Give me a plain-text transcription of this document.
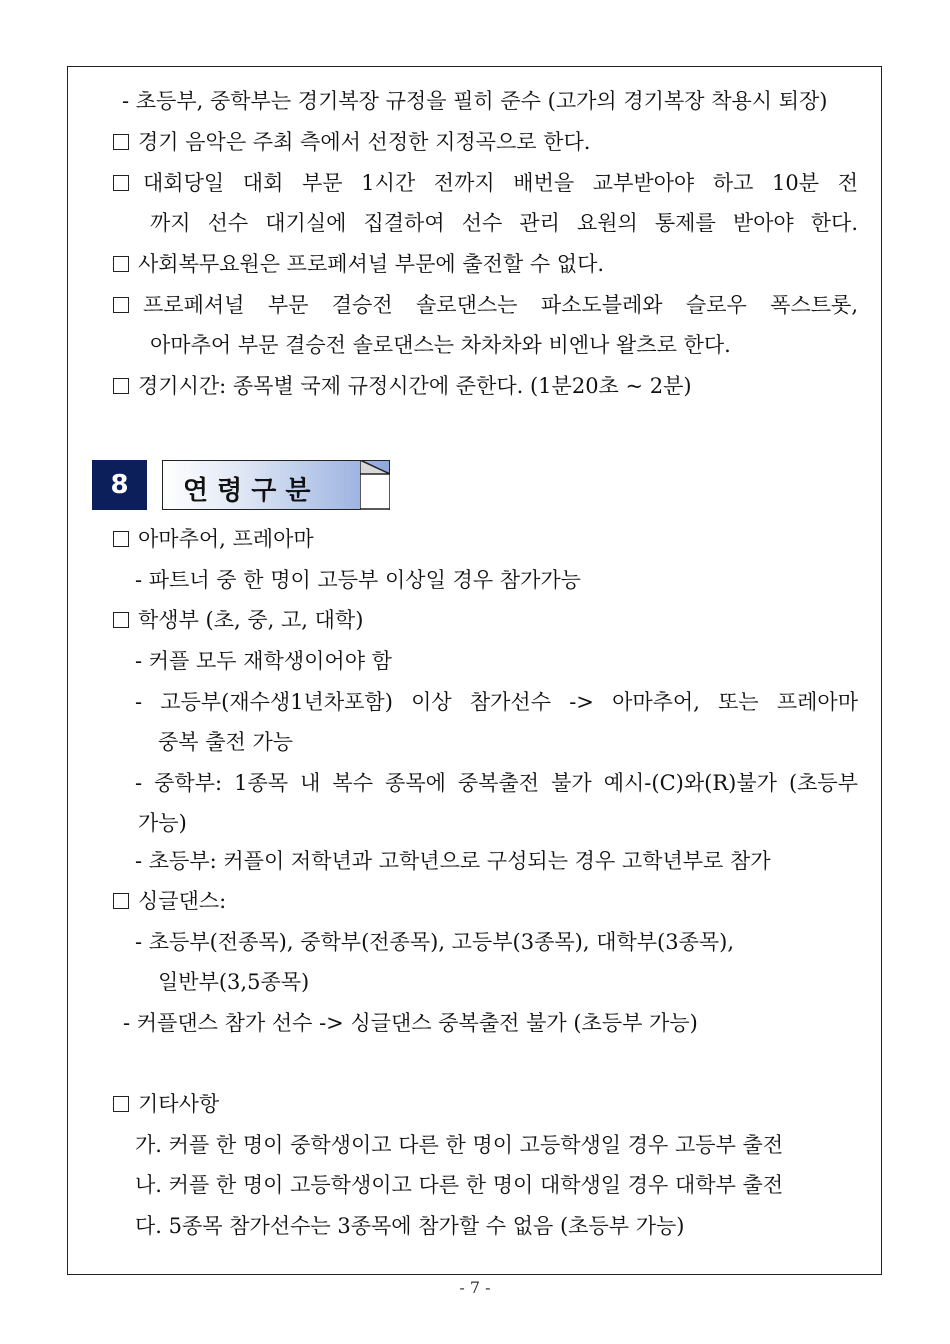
- 초등부, 중학부는 경기복장 규정을 필히 준수 (고가의 경기복장 착용시 퇴장)
경기 음악은 주최 측에서 선정한 지정곡으로 한다.
대회당일 대회 부문 1시간 전까지 배번을 교부받아야 하고 10분 전
까지 선수 대기실에 집결하여 선수 관리 요원의 통제를 받아야 한다.
사회복무요원은 프로페셔널 부문에 출전할 수 없다.
프로페셔널 부문 결승전 솔로댄스는 파소도블레와 슬로우 폭스트롯,
아마추어 부문 결승전 솔로댄스는 차차차와 비엔나 왈츠로 한다.
경기시간: 종목별 국제 규정시간에 준한다. (1분20초 ~ 2분)
8	연령구분
아마추어, 프레아마
- 파트너 중 한 명이 고등부 이상일 경우 참가가능
학생부 (초, 중, 고, 대학)
- 커플 모두 재학생이어야 함
- 고등부(재수생1년차포함) 이상 참가선수 -> 아마추어, 또는 프레아마
중복 출전 가능
- 중학부: 1종목 내 복수 종목에 중복출전 불가 예시-(C)와(R)불가 (초등부
가능)
- 초등부: 커플이 저학년과 고학년으로 구성되는 경우 고학년부로 참가
싱글댄스:
- 초등부(전종목), 중학부(전종목), 고등부(3종목), 대학부(3종목),
일반부(3,5종목)
- 커플댄스 참가 선수 -> 싱글댄스 중복출전 불가 (초등부 가능)
기타사항
가. 커플 한 명이 중학생이고 다른 한 명이 고등학생일 경우 고등부 출전
나. 커플 한 명이 고등학생이고 다른 한 명이 대학생일 경우 대학부 출전
다. 5종목 참가선수는 3종목에 참가할 수 없음 (초등부 가능)
- 7 -
